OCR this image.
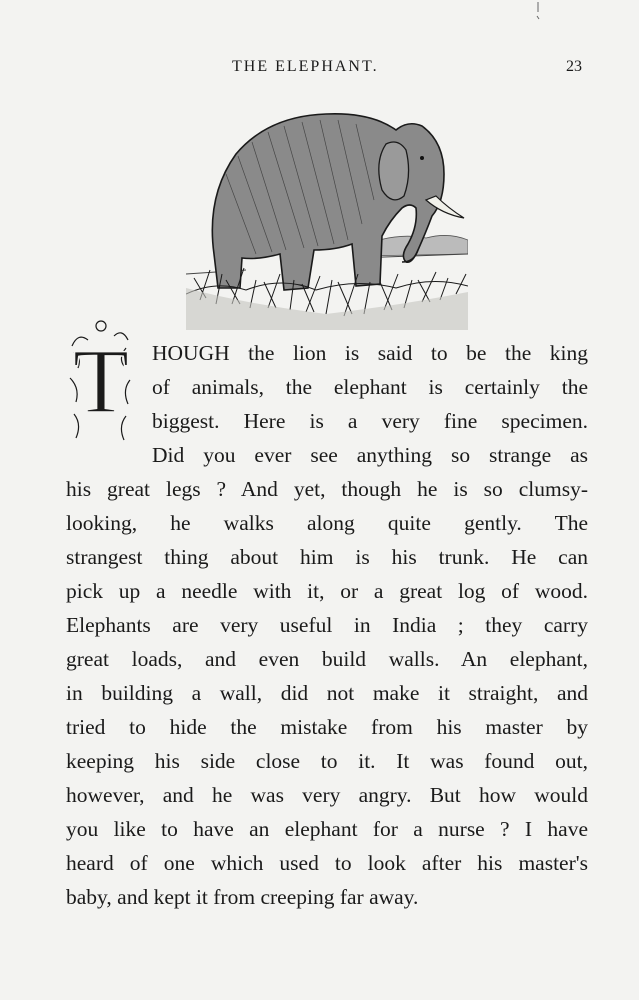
THE ELEPHANT.	23
T HOUGH the lion is said to be the king
of animals, the elephant is certainly the
biggest. Here is a very fine specimen.
Did you ever see anything so strange as
his great legs ? And yet, though he is so clumsy-
looking, he walks along quite gently. The
strangest thing about him is his trunk. He can
pick up a needle with it, or a great log of wood.
Elephants are very useful in India ; they carry
great loads, and even build walls. An elephant,
in building a wall, did not make it straight, and
tried to hide the mistake from his master by
keeping his side close to it. It was found out,
however, and he was very angry. But how would
you like to have an elephant for a nurse ? I have
heard of one which used to look after his master's
baby, and kept it from creeping far away.
